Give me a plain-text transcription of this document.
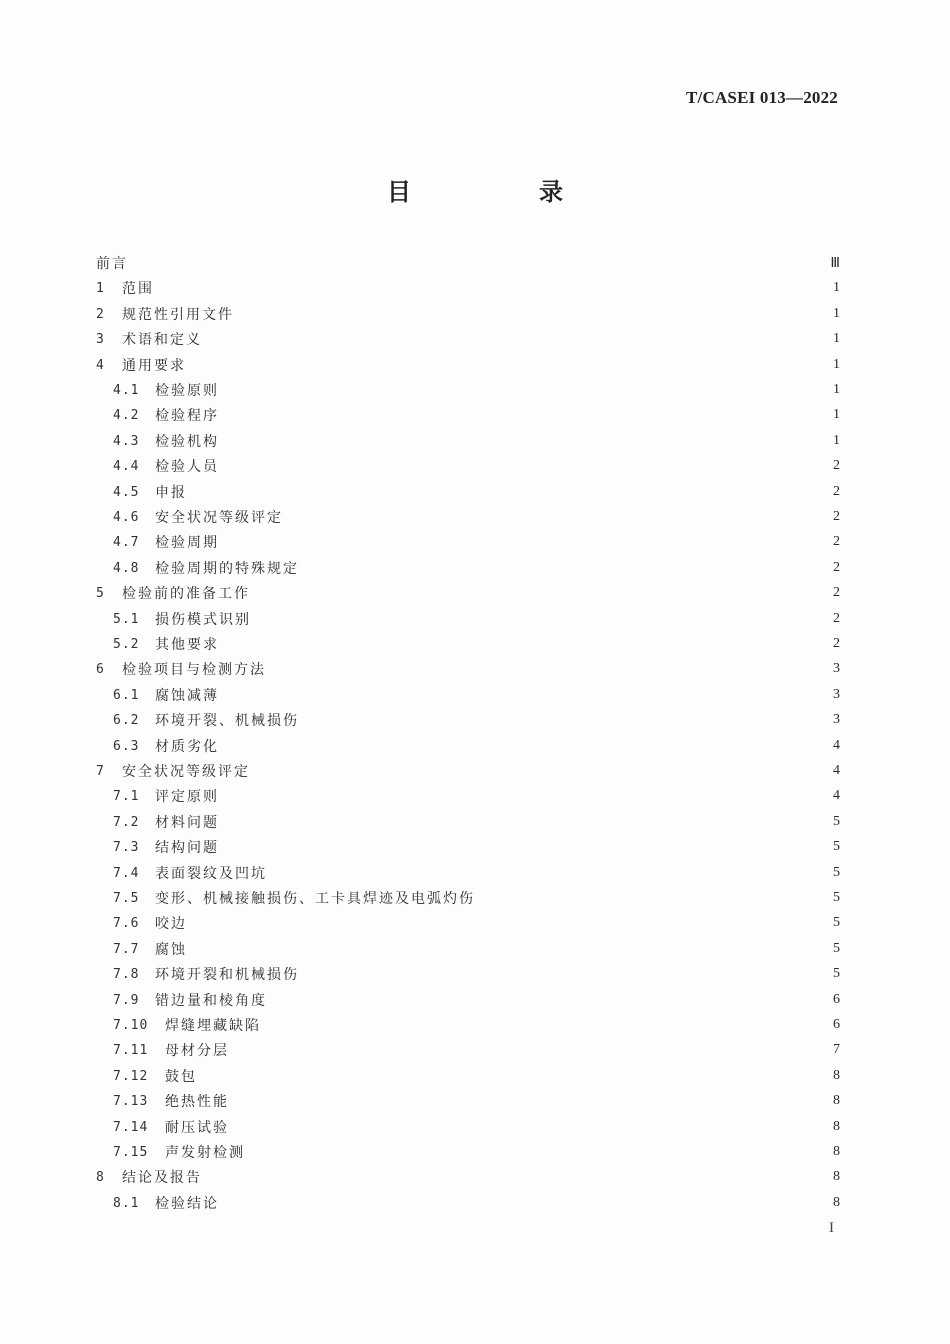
T/CASEI 013—2022
目　录
前言	Ⅲ
1	范围	1
2	规范性引用文件	1
3	术语和定义	1
4	通用要求	1
4.1	检验原则	1
4.2	检验程序	1
4.3	检验机构	1
4.4	检验人员	2
4.5	申报	2
4.6	安全状况等级评定	2
4.7	检验周期	2
4.8	检验周期的特殊规定	2
5	检验前的准备工作	2
5.1	损伤模式识别	2
5.2	其他要求	2
6	检验项目与检测方法	3
6.1	腐蚀减薄	3
6.2	环境开裂、机械损伤	3
6.3	材质劣化	4
7	安全状况等级评定	4
7.1	评定原则	4
7.2	材料问题	5
7.3	结构问题	5
7.4	表面裂纹及凹坑	5
7.5	变形、机械接触损伤、工卡具焊迹及电弧灼伤	5
7.6	咬边	5
7.7	腐蚀	5
7.8	环境开裂和机械损伤	5
7.9	错边量和棱角度	6
7.10	焊缝埋藏缺陷	6
7.11	母材分层	7
7.12	鼓包	8
7.13	绝热性能	8
7.14	耐压试验	8
7.15	声发射检测	8
8	结论及报告	8
8.1	检验结论	8
I
